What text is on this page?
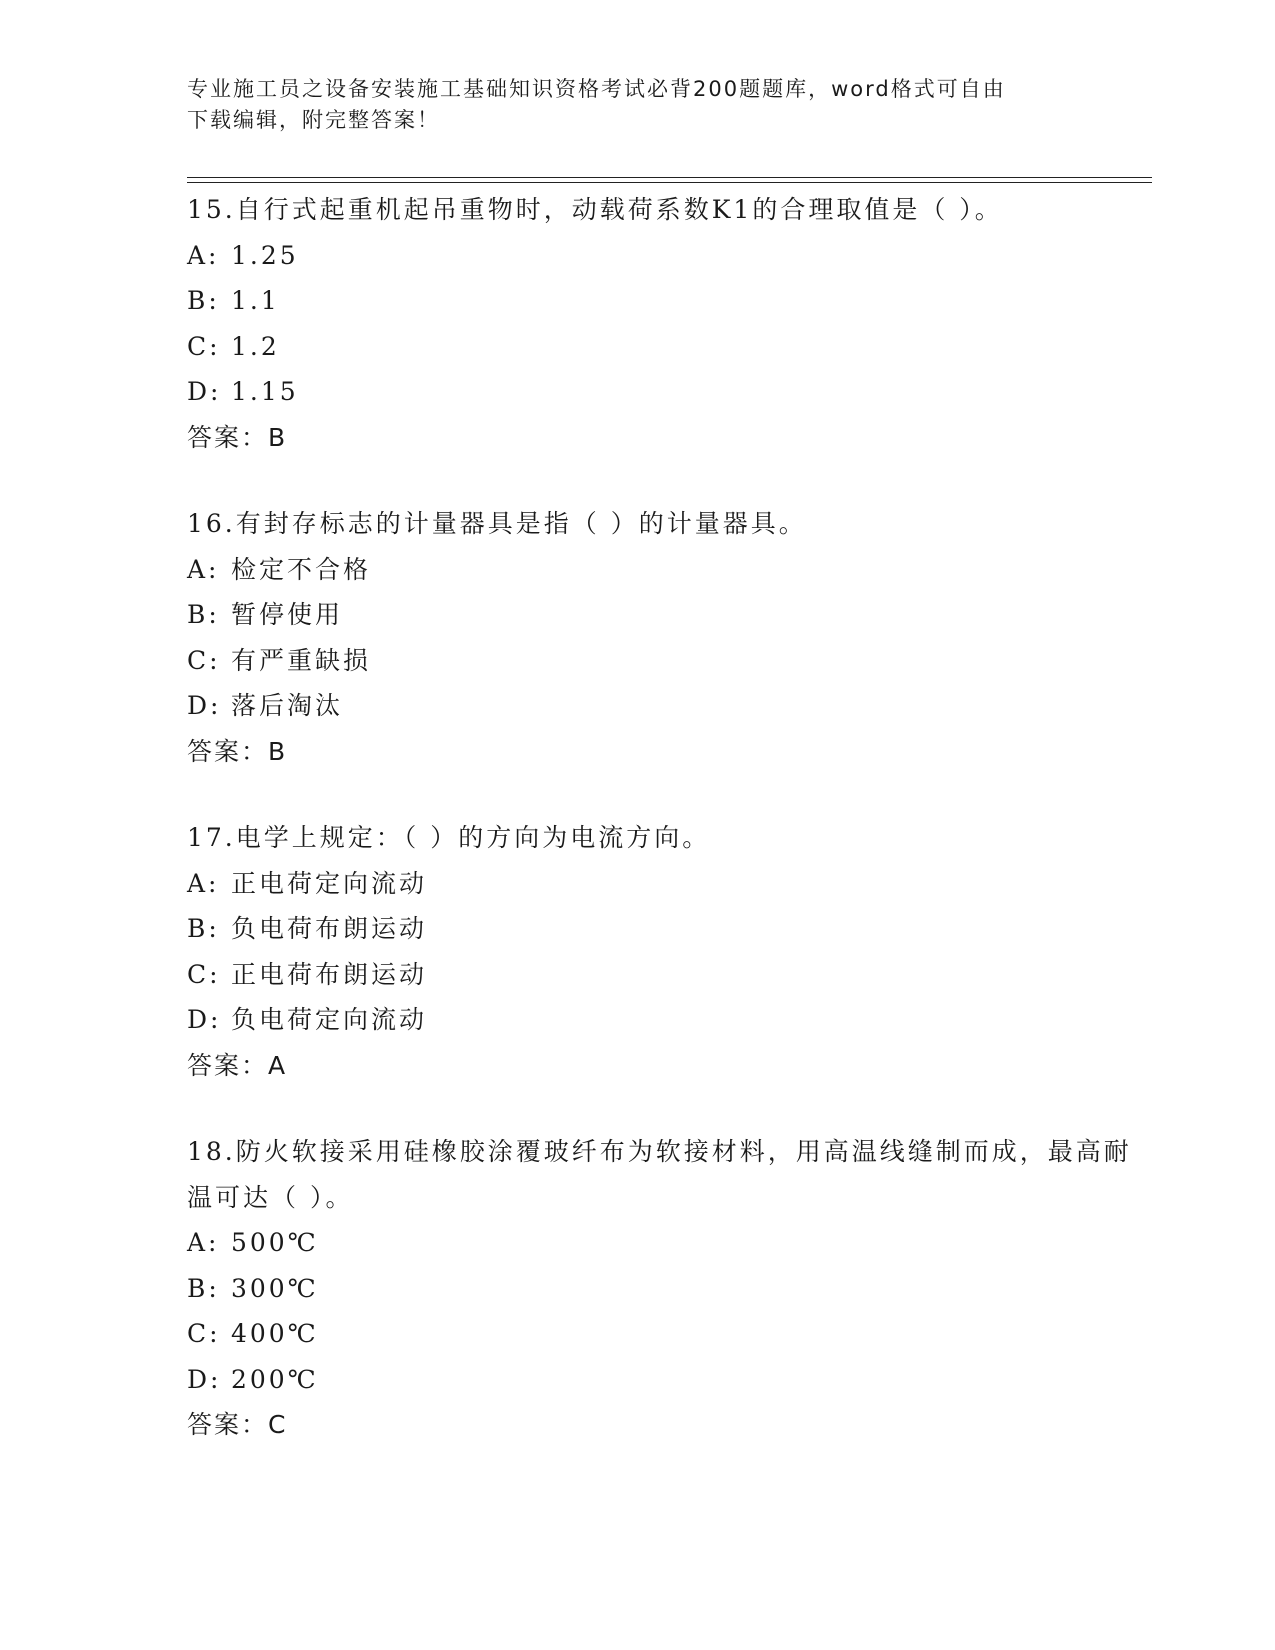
专业施工员之设备安装施工基础知识资格考试必背200题题库，word格式可自由
下载编辑，附完整答案！
15.自行式起重机起吊重物时，动载荷系数K1的合理取值是（ ）。
A: 1.25
B: 1.1
C: 1.2
D: 1.15
答案：B
16.有封存标志的计量器具是指（ ）的计量器具。
A: 检定不合格
B: 暂停使用
C: 有严重缺损
D: 落后淘汰
答案：B
17.电学上规定：（ ）的方向为电流方向。
A: 正电荷定向流动
B: 负电荷布朗运动
C: 正电荷布朗运动
D: 负电荷定向流动
答案：A
18.防火软接采用硅橡胶涂覆玻纤布为软接材料，用高温线缝制而成，最高耐温可达（ ）。
A: 500℃
B: 300℃
C: 400℃
D: 200℃
答案：C
